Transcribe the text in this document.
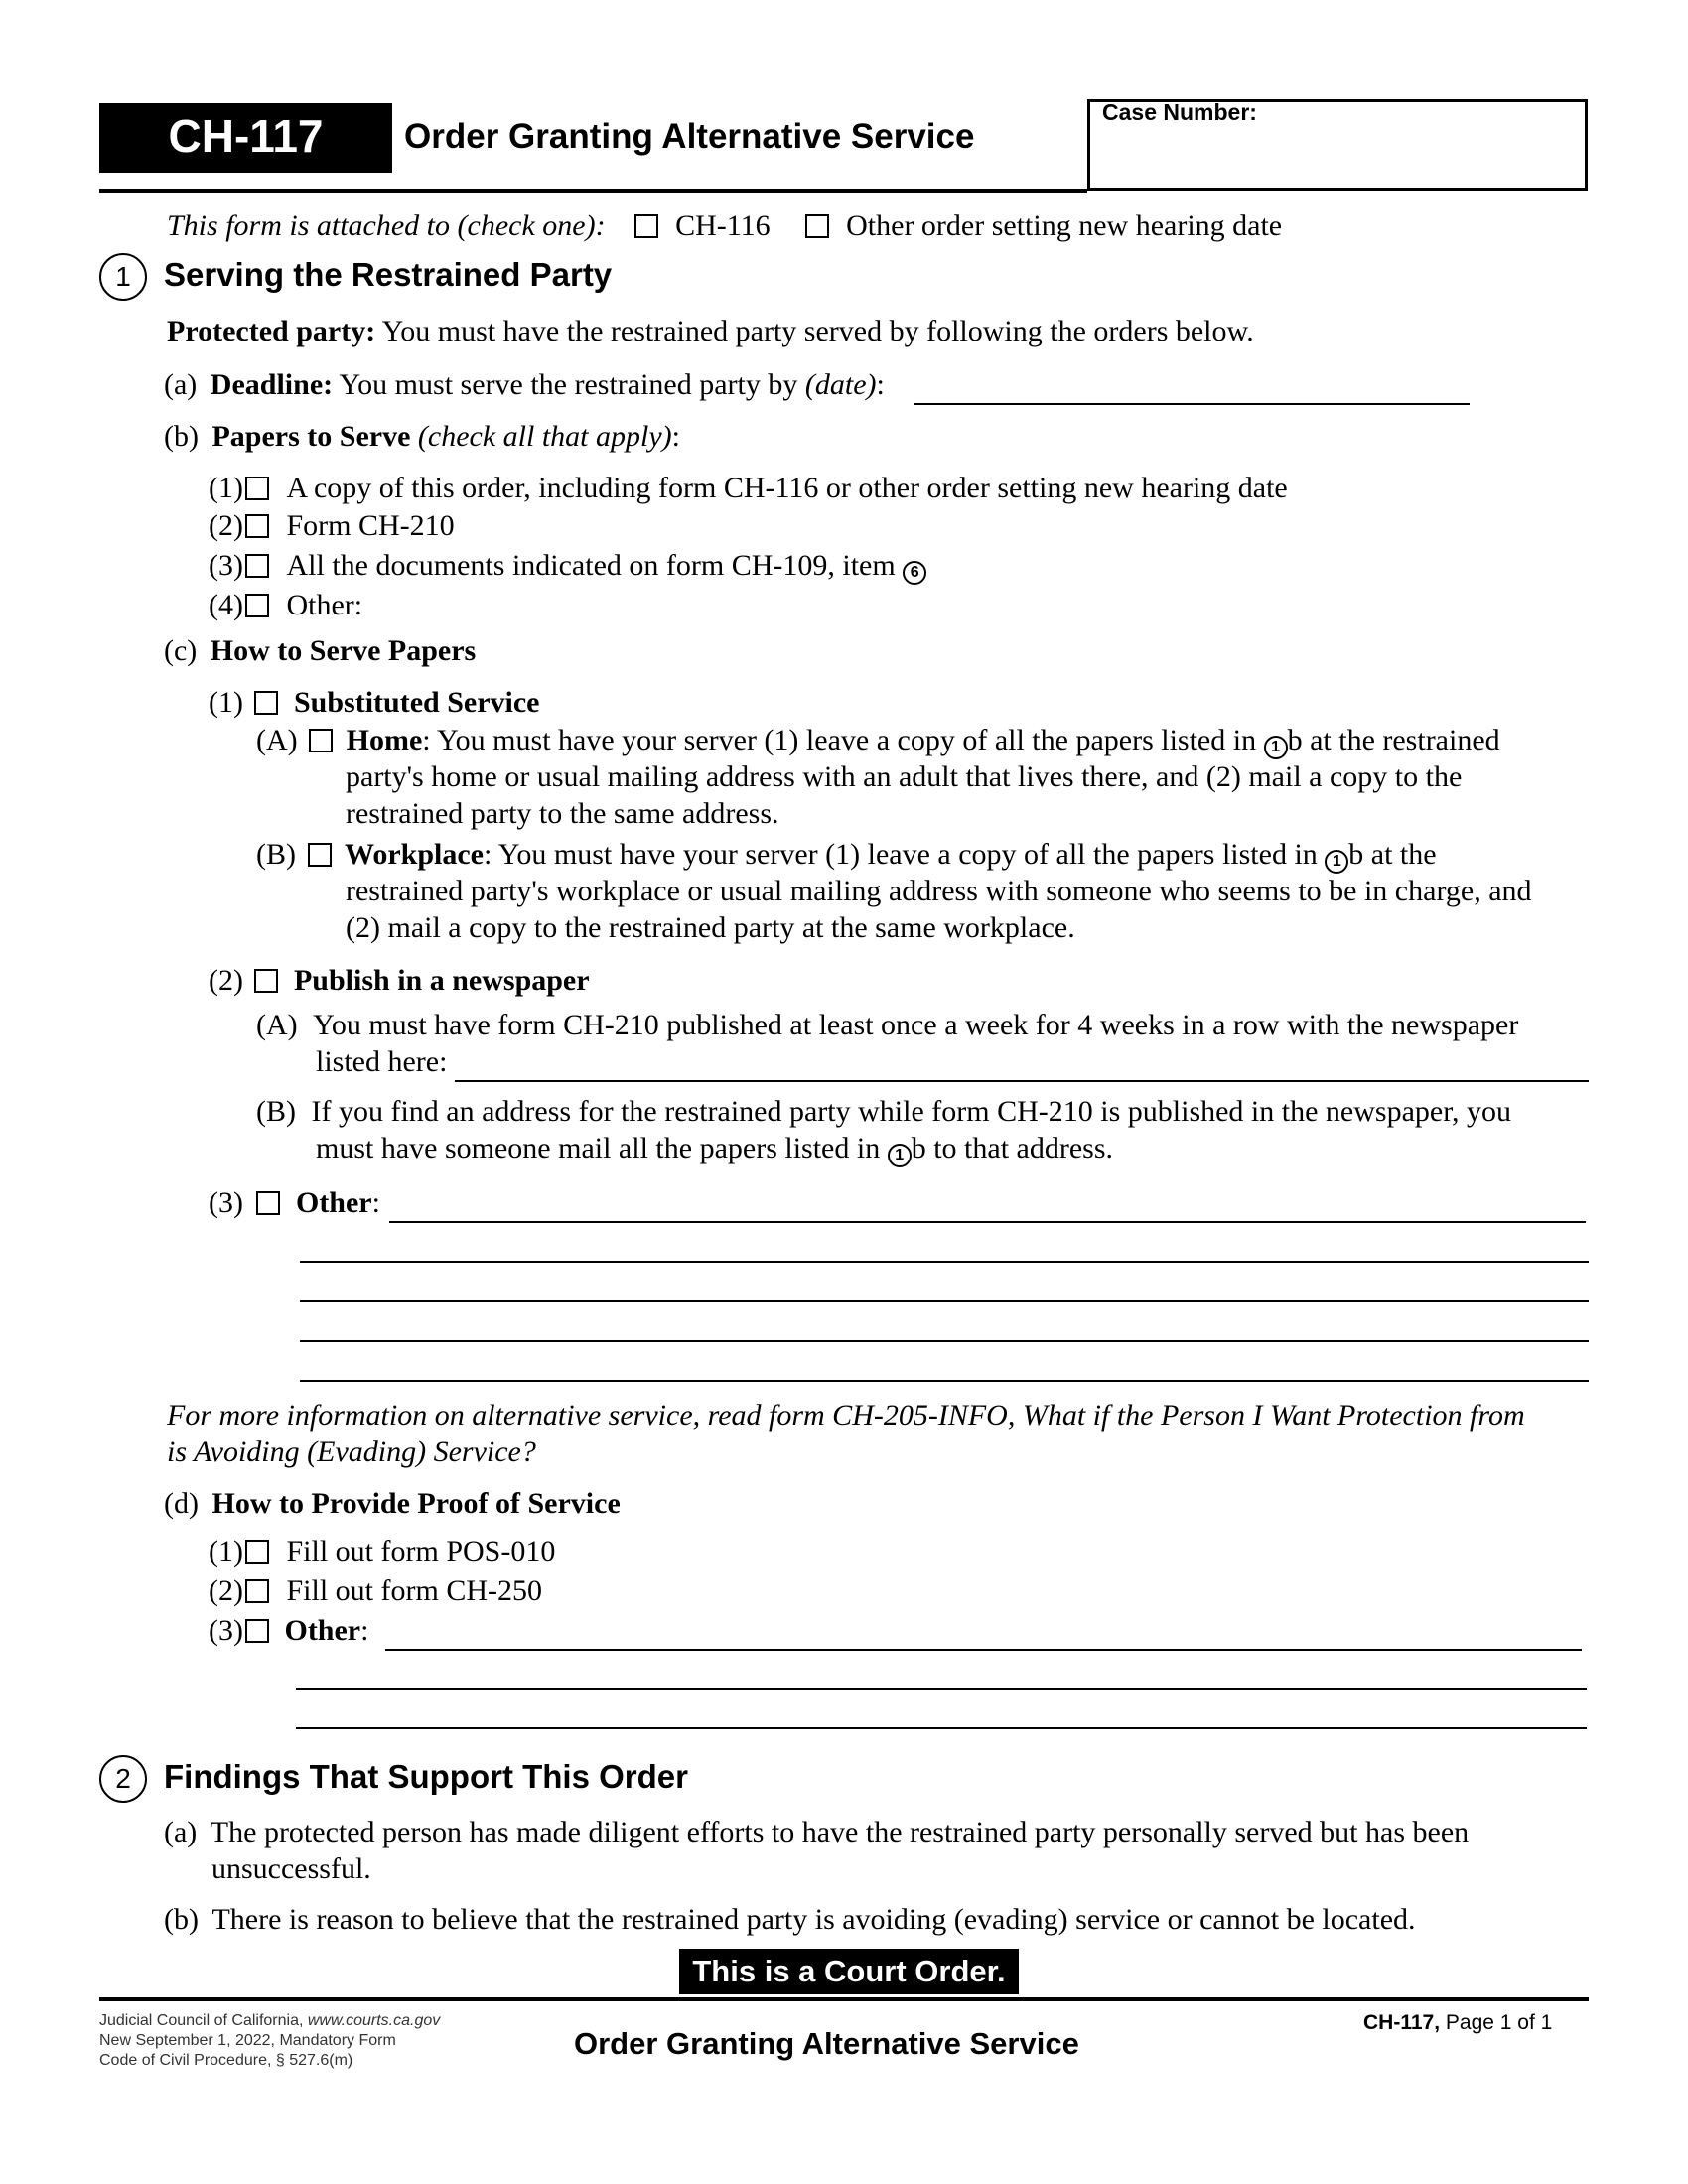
CH-117	Order Granting Alternative Service
Case Number:
This form is attached to (check one): CH-116	Other order setting new hearing date
1	Serving the Restrained Party
Protected party: You must have the restrained party served by following the orders below.
(a) Deadline: You must serve the restrained party by (date):
(b) Papers to Serve (check all that apply):
(1) A copy of this order, including form CH-116 or other order setting new hearing date
(2) Form CH-210
(3) All the documents indicated on form CH-109, item 6
(4) Other:
(c) How to Serve Papers
(1) Substituted Service
(A) Home: You must have your server (1) leave a copy of all the papers listed in 1 b at the restrained
party's home or usual mailing address with an adult that lives there, and (2) mail a copy to the
restrained party to the same address.
(B) Workplace: You must have your server (1) leave a copy of all the papers listed in 1 b at the
restrained party's workplace or usual mailing address with someone who seems to be in charge, and
(2) mail a copy to the restrained party at the same workplace.
(2) Publish in a newspaper
(A) You must have form CH-210 published at least once a week for 4 weeks in a row with the newspaper
listed here:
(B) If you find an address for the restrained party while form CH-210 is published in the newspaper, you
must have someone mail all the papers listed in 1 b to that address.
(3) Other:
For more information on alternative service, read form CH-205-INFO, What if the Person I Want Protection from
is Avoiding (Evading) Service?
(d) How to Provide Proof of Service
(1) Fill out form POS-010
(2) Fill out form CH-250
(3) Other:
2	Findings That Support This Order
(a) The protected person has made diligent efforts to have the restrained party personally served but has been
unsuccessful.
(b) There is reason to believe that the restrained party is avoiding (evading) service or cannot be located.
This is a Court Order.
Judicial Council of California, www.courts.ca.gov
New September 1, 2022, Mandatory Form
Code of Civil Procedure, § 527.6(m)	Order Granting Alternative Service
CH-117, Page 1 of 1
